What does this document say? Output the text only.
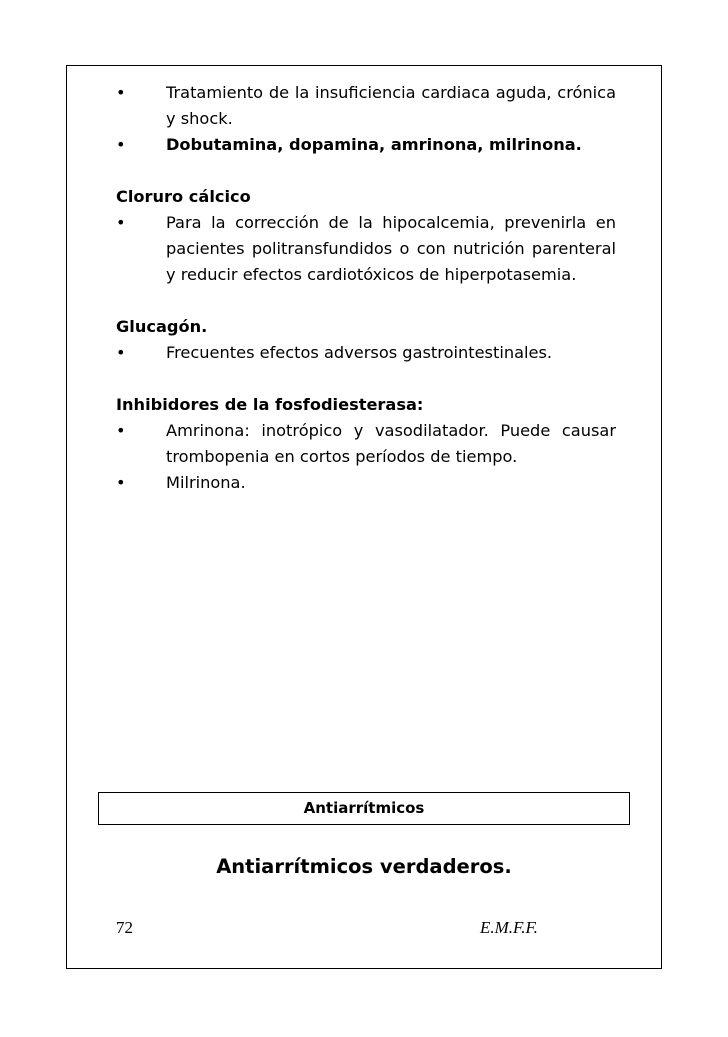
•	Tratamiento de la insuficiencia cardiaca aguda, crónica y shock.
•	Dobutamina, dopamina, amrinona, milrinona.
Cloruro cálcico
•	Para la corrección de la hipocalcemia, prevenirla en pacientes politransfundidos o con nutrición parenteral y reducir efectos cardiotóxicos de hiperpotasemia.
Glucagón.
•	Frecuentes efectos adversos gastrointestinales.
Inhibidores de la fosfodiesterasa:
•	Amrinona: inotrópico y vasodilatador. Puede causar trombopenia en cortos períodos de tiempo.
•	Milrinona.
Antiarrítmicos
Antiarrítmicos verdaderos.
72	E.M.F.F.
